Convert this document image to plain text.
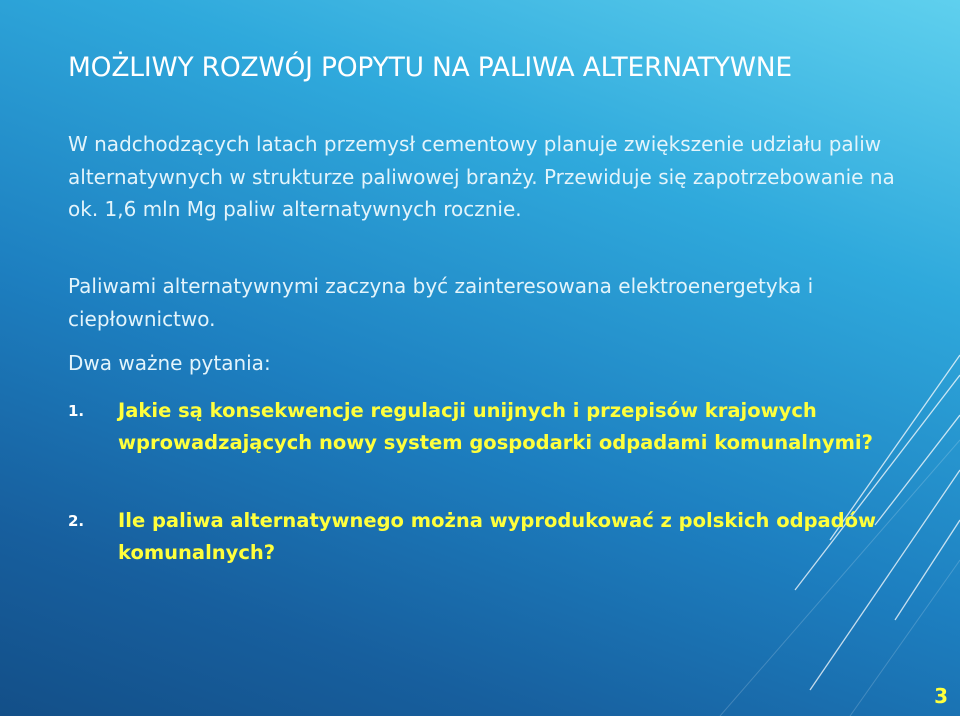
MOŻLIWY ROZWÓJ POPYTU NA PALIWA ALTERNATYWNE
W nadchodzących latach przemysł cementowy planuje zwiększenie udziału paliw alternatywnych w strukturze paliwowej branży. Przewiduje się zapotrzebowanie na ok. 1,6 mln Mg paliw alternatywnych rocznie.
Paliwami alternatywnymi zaczyna być zainteresowana elektroenergetyka i ciepłownictwo.
Dwa ważne pytania:
1. Jakie są konsekwencje regulacji unijnych i przepisów krajowych wprowadzających nowy system gospodarki odpadami komunalnymi?
2. Ile paliwa alternatywnego można wyprodukować z polskich odpadów komunalnych?
3
